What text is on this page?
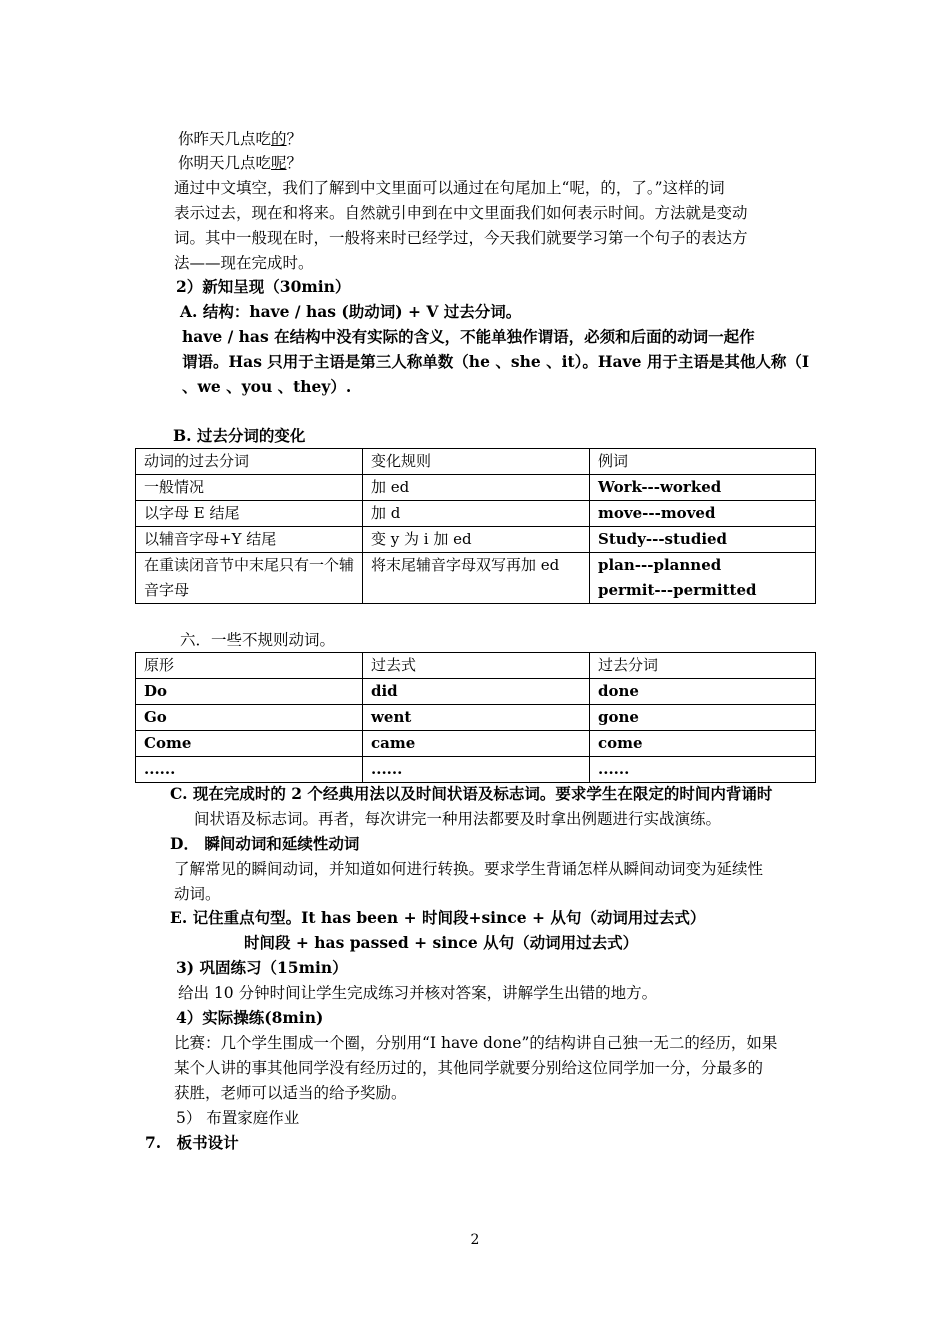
你昨天几点吃的？
你明天几点吃呢？
通过中文填空，我们了解到中文里面可以通过在句尾加上“呢，的，了。”这样的词
表示过去，现在和将来。自然就引申到在中文里面我们如何表示时间。方法就是变动
词。其中一般现在时，一般将来时已经学过，今天我们就要学习第一个句子的表达方
法——现在完成时。
2）新知呈现（30min）
A. 结构：have / has (助动词) + V 过去分词。
have / has 在结构中没有实际的含义，不能单独作谓语，必须和后面的动词一起作
谓语。Has 只用于主语是第三人称单数（he 、she 、it）。Have 用于主语是其他人称（I
、we 、you 、they）.
B. 过去分词的变化
动词的过去分词	变化规则	例词
一般情况	加 ed	Work---worked
以字母 E 结尾	加 d	move---moved
以辅音字母+Y 结尾	变 y 为 i 加 ed	Study---studied
在重读闭音节中末尾只有一个辅音字母	将末尾辅音字母双写再加 ed	plan---planned
permit---permitted
六．一些不规则动词。
原形	过去式	过去分词
Do	did	done
Go	went	gone
Come	came	come
......	......	......
C. 现在完成时的 2 个经典用法以及时间状语及标志词。要求学生在限定的时间内背诵时
间状语及标志词。再者，每次讲完一种用法都要及时拿出例题进行实战演练。
D． 瞬间动词和延续性动词
了解常见的瞬间动词，并知道如何进行转换。要求学生背诵怎样从瞬间动词变为延续性
动词。
E. 记住重点句型。It has been + 时间段+since + 从句（动词用过去式）
时间段 + has passed + since 从句（动词用过去式）
3) 巩固练习（15min）
给出 10 分钟时间让学生完成练习并核对答案，讲解学生出错的地方。
4）实际操练(8min)
比赛：几个学生围成一个圈，分别用“I have done”的结构讲自己独一无二的经历，如果
某个人讲的事其他同学没有经历过的，其他同学就要分别给这位同学加一分，分最多的
获胜，老师可以适当的给予奖励。
5） 布置家庭作业
7.　板书设计
2
